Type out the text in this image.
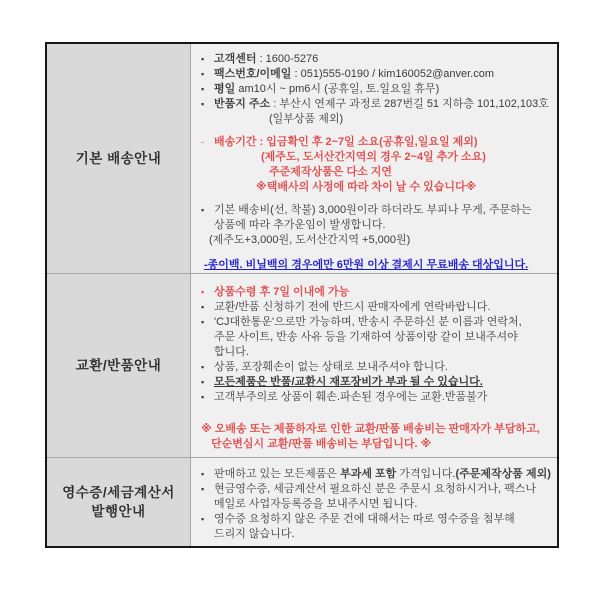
기본 배송안내
▪ 고객센터 : 1600-5276
▪ 팩스번호/이메일 : 051)555-0190 / kim160052@anver.com
▪ 평일 am10시 ~ pm6시 (공휴일, 토.일요일 휴무)
▪ 반품지 주소 : 부산시 연제구 과정로 287번길 51 지하층 101,102,103호
(일부상품 제외)
- 배송기간 : 입금확인 후 2~7일 소요(공휴일,일요일 제외)
(제주도, 도서산간지역의 경우 2~4일 추가 소요)
주준제작상품은 다소 지연
※택배사의 사정에 따라 차이 날 수 있습니다※
▪ 기본 배송비(선, 착불) 3,000원이라 하더라도 부피나 무게, 주문하는
상품에 따라 추가운임이 발생합니다.
(제주도+3,000원, 도서산간지역 +5,000원)
-종이백. 비닐백의 경우에만 6만원 이상 결제시 무료배송 대상입니다.
교환/반품안내
▪ 상품수령 후 7일 이내에 가능
▪ 교환/반품 신청하기 전에 반드시 판매자에게 연락바랍니다.
▪ 'CJ대한통운'으로만 가능하며, 반송시 주문하신 분 이름과 연락처,
주문 사이트, 반송 사유 등을 기재하여 상품이랑 같이 보내주셔야
합니다.
▪ 상품, 포장훼손이 없는 상태로 보내주셔야 합니다.
▪ 모든제품은 반품/교환시 재포장비가 부과 될 수 있습니다.
▪ 고객부주의로 상품이 훼손.파손된 경우에는 교환.반품불가
※ 오배송 또는 제품하자로 인한 교환/판품 배송비는 판매자가 부담하고,
단순변심시 교환/판품 배송비는 부담입니다. ※
영수증/세금계산서
발행안내
▪ 판매하고 있는 모든제품은 부과세 포함 가격입니다.(주문제작상품 제외)
▪ 현금영수증, 세금계산서 필요하신 분은 주문시 요청하시거나, 팩스나
메일로 사업자등록증을 보내주시면 됩니다.
▪ 영수증 요청하지 않은 주문 건에 대해서는 따로 영수증을 첨부해
드리지 않습니다.
